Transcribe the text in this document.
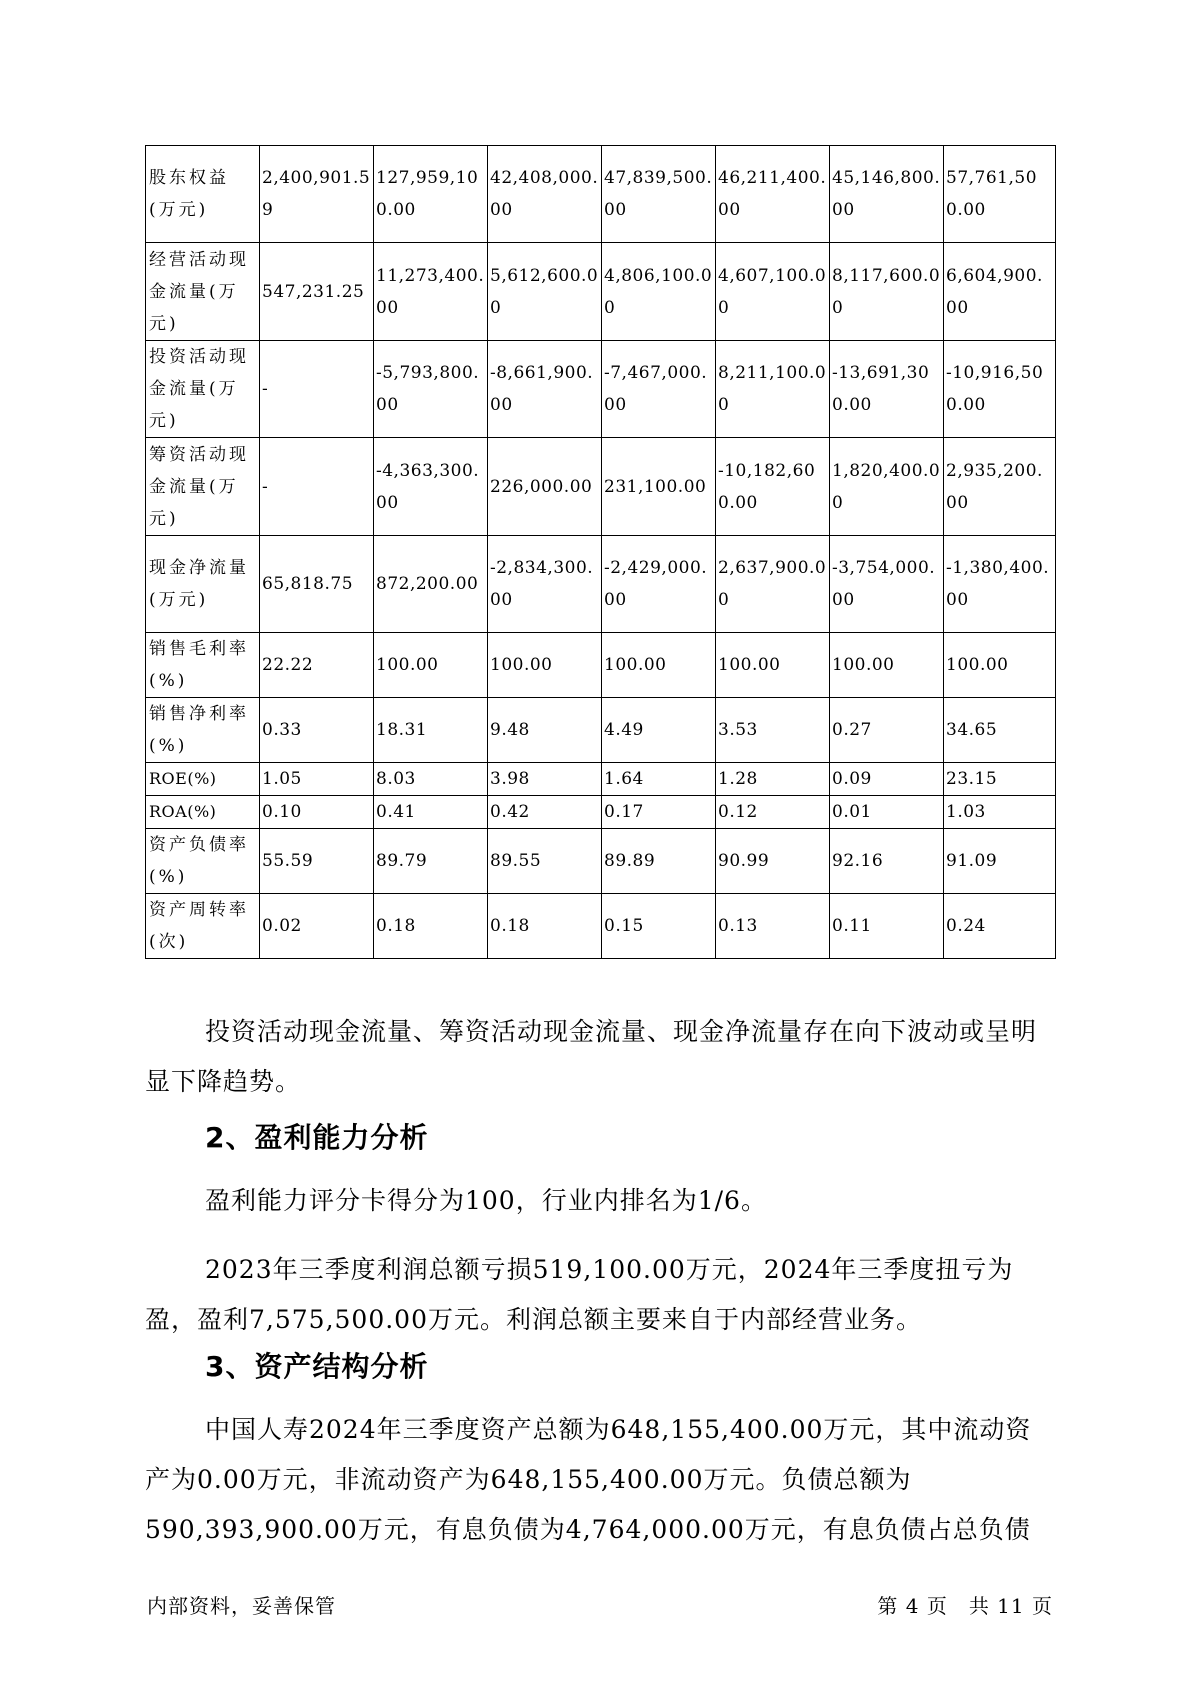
股东权益(万元)	2,400,901.59	127,959,100.00	42,408,000.00	47,839,500.00	46,211,400.00	45,146,800.00	57,761,500.00
经营活动现金流量(万元)	547,231.25	11,273,400.00	5,612,600.00	4,806,100.00	4,607,100.00	8,117,600.00	6,604,900.00
投资活动现金流量(万元)	-	-5,793,800.00	-8,661,900.00	-7,467,000.00	8,211,100.00	-13,691,300.00	-10,916,500.00
筹资活动现金流量(万元)	-	-4,363,300.00	226,000.00	231,100.00	-10,182,600.00	1,820,400.00	2,935,200.00
现金净流量(万元)	65,818.75	872,200.00	-2,834,300.00	-2,429,000.00	2,637,900.00	-3,754,000.00	-1,380,400.00
销售毛利率(%)	22.22	100.00	100.00	100.00	100.00	100.00	100.00
销售净利率(%)	0.33	18.31	9.48	4.49	3.53	0.27	34.65
ROE(%)	1.05	8.03	3.98	1.64	1.28	0.09	23.15
ROA(%)	0.10	0.41	0.42	0.17	0.12	0.01	1.03
资产负债率(%)	55.59	89.79	89.55	89.89	90.99	92.16	91.09
资产周转率(次)	0.02	0.18	0.18	0.15	0.13	0.11	0.24

投资活动现金流量、筹资活动现金流量、现金净流量存在向下波动或呈明显下降趋势。

2、盈利能力分析

盈利能力评分卡得分为100，行业内排名为1/6。

2023年三季度利润总额亏损519,100.00万元，2024年三季度扭亏为盈，盈利7,575,500.00万元。利润总额主要来自于内部经营业务。

3、资产结构分析

中国人寿2024年三季度资产总额为648,155,400.00万元，其中流动资产为0.00万元，非流动资产为648,155,400.00万元。负债总额为590,393,900.00万元，有息负债为4,764,000.00万元，有息负债占总负债

内部资料，妥善保管	第 4 页　共 11 页
